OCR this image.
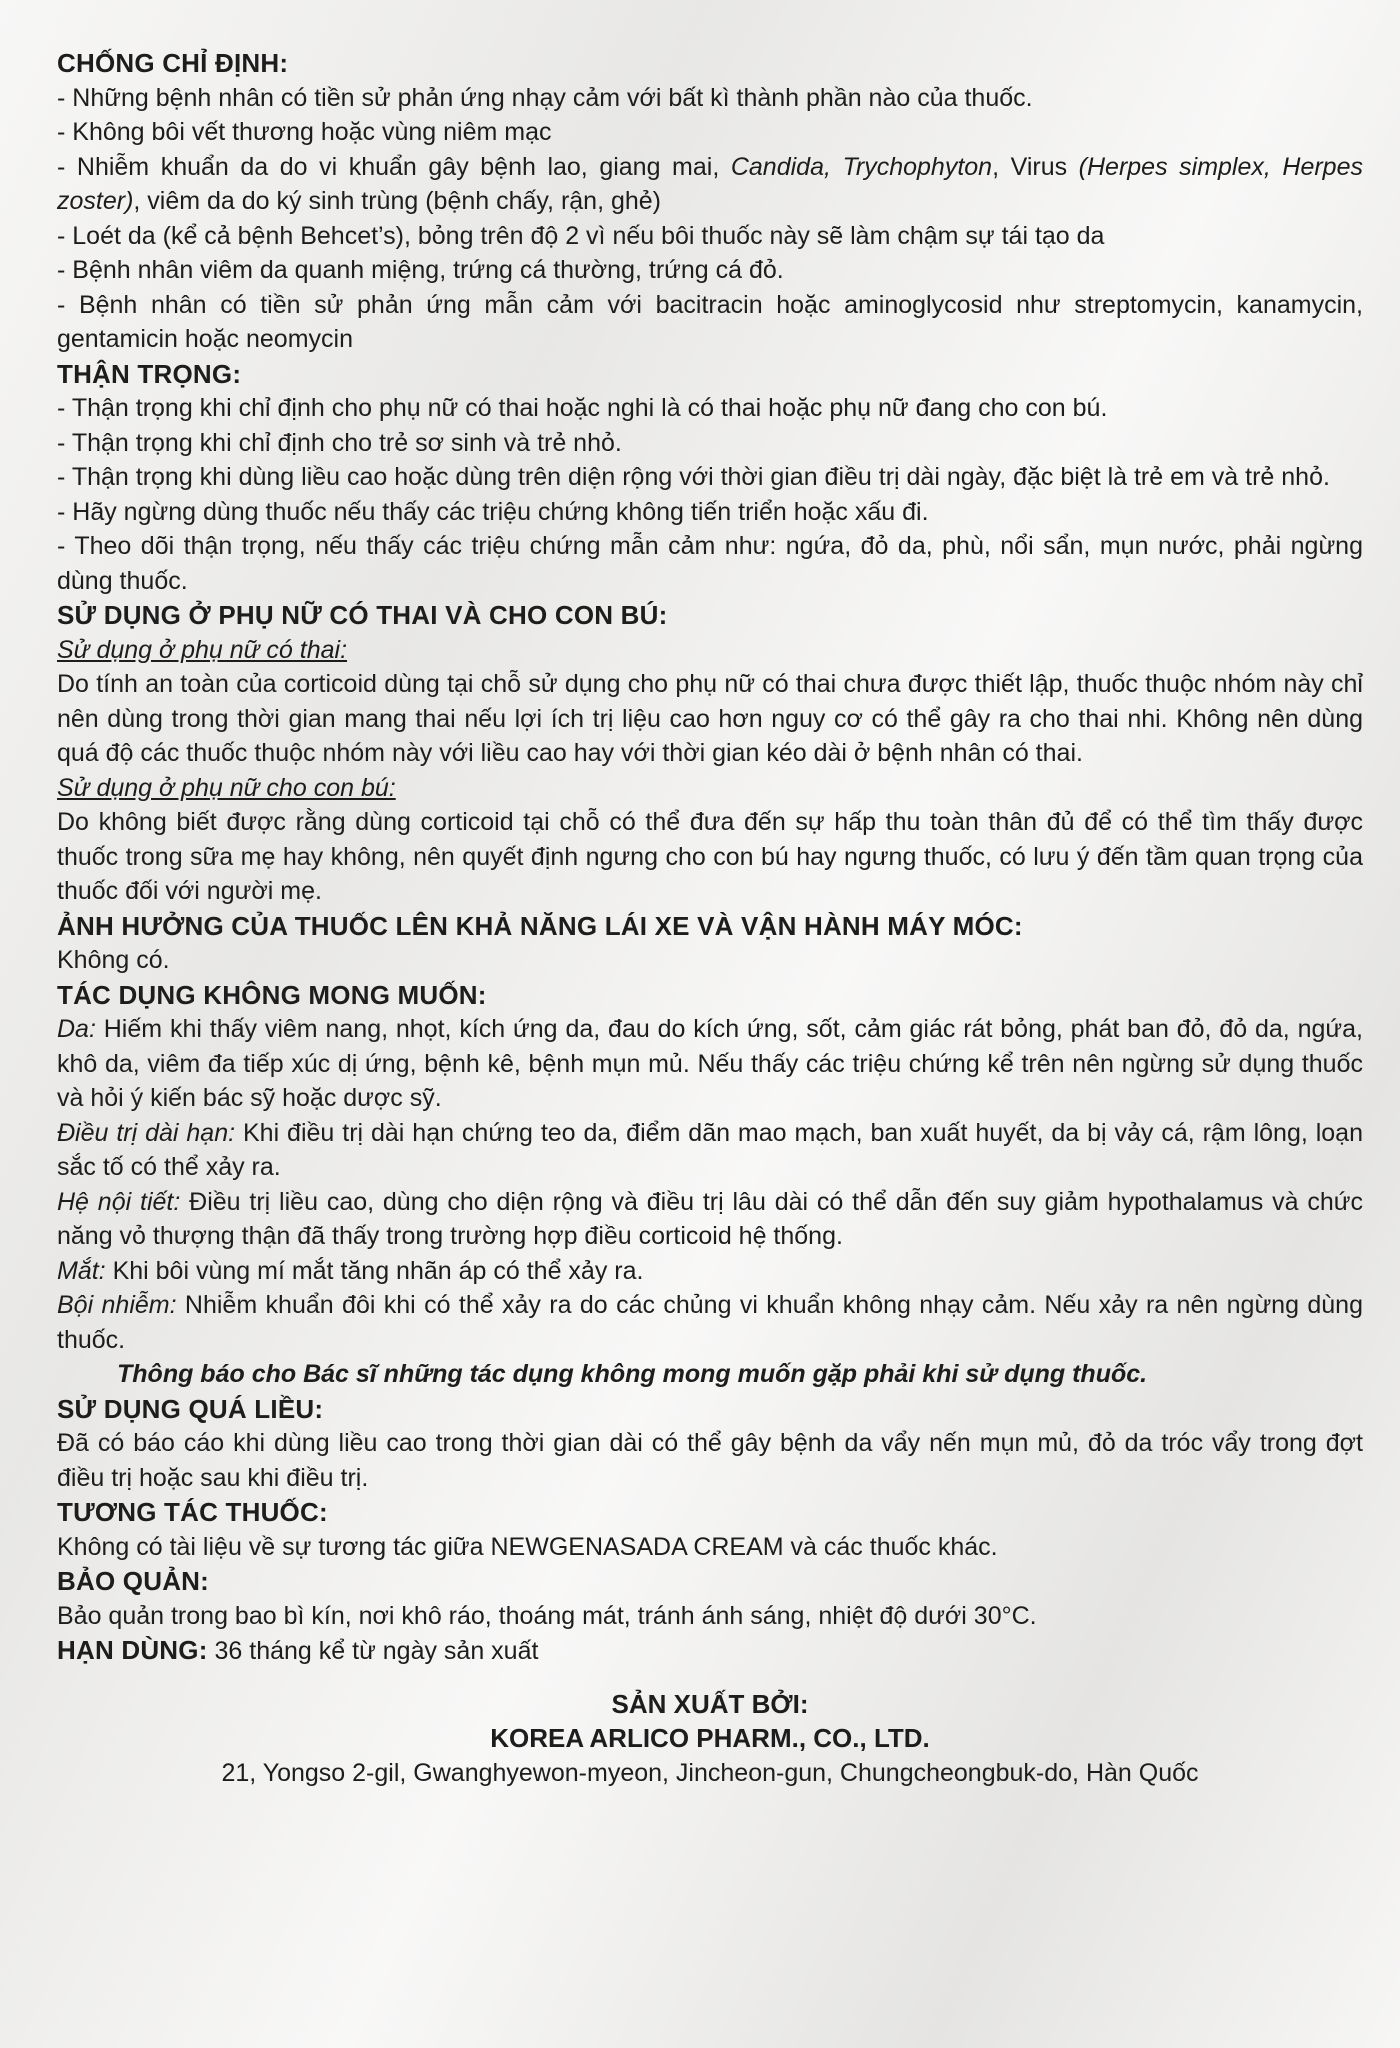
CHỐNG CHỈ ĐỊNH:

- Những bệnh nhân có tiền sử phản ứng nhạy cảm với bất kì thành phần nào của thuốc.

- Không bôi vết thương hoặc vùng niêm mạc

- Nhiễm khuẩn da do vi khuẩn gây bệnh lao, giang mai, Candida, Trychophyton, Virus (Herpes simplex, Herpes zoster), viêm da do ký sinh trùng (bệnh chấy, rận, ghẻ)

- Loét da (kể cả bệnh Behcet’s), bỏng trên độ 2 vì nếu bôi thuốc này sẽ làm chậm sự tái tạo da

- Bệnh nhân viêm da quanh miệng, trứng cá thường, trứng cá đỏ.

- Bệnh nhân có tiền sử phản ứng mẫn cảm với bacitracin hoặc aminoglycosid như streptomycin, kanamycin, gentamicin hoặc neomycin

THẬN TRỌNG:

- Thận trọng khi chỉ định cho phụ nữ có thai hoặc nghi là có thai hoặc phụ nữ đang cho con bú.

- Thận trọng khi chỉ định cho trẻ sơ sinh và trẻ nhỏ.

- Thận trọng khi dùng liều cao hoặc dùng trên diện rộng với thời gian điều trị dài ngày, đặc biệt là trẻ em và trẻ nhỏ.

- Hãy ngừng dùng thuốc nếu thấy các triệu chứng không tiến triển hoặc xấu đi.

- Theo dõi thận trọng, nếu thấy các triệu chứng mẫn cảm như: ngứa, đỏ da, phù, nổi sẩn, mụn nước, phải ngừng dùng thuốc.

SỬ DỤNG Ở PHỤ NỮ CÓ THAI VÀ CHO CON BÚ:

Sử dụng ở phụ nữ có thai:

Do tính an toàn của corticoid dùng tại chỗ sử dụng cho phụ nữ có thai chưa được thiết lập, thuốc thuộc nhóm này chỉ nên dùng trong thời gian mang thai nếu lợi ích trị liệu cao hơn nguy cơ có thể gây ra cho thai nhi. Không nên dùng quá độ các thuốc thuộc nhóm này với liều cao hay với thời gian kéo dài ở bệnh nhân có thai.

Sử dụng ở phụ nữ cho con bú:

Do không biết được rằng dùng corticoid tại chỗ có thể đưa đến sự hấp thu toàn thân đủ để có thể tìm thấy được thuốc trong sữa mẹ hay không, nên quyết định ngưng cho con bú hay ngưng thuốc, có lưu ý đến tầm quan trọng của thuốc đối với người mẹ.

ẢNH HƯỞNG CỦA THUỐC LÊN KHẢ NĂNG LÁI XE VÀ VẬN HÀNH MÁY MÓC:

Không có.

TÁC DỤNG KHÔNG MONG MUỐN:

Da: Hiếm khi thấy viêm nang, nhọt, kích ứng da, đau do kích ứng, sốt, cảm giác rát bỏng, phát ban đỏ, đỏ da, ngứa, khô da, viêm đa tiếp xúc dị ứng, bệnh kê, bệnh mụn mủ. Nếu thấy các triệu chứng kể trên nên ngừng sử dụng thuốc và hỏi ý kiến bác sỹ hoặc dược sỹ.

Điều trị dài hạn: Khi điều trị dài hạn chứng teo da, điểm dãn mao mạch, ban xuất huyết, da bị vảy cá, rậm lông, loạn sắc tố có thể xảy ra.

Hệ nội tiết: Điều trị liều cao, dùng cho diện rộng và điều trị lâu dài có thể dẫn đến suy giảm hypothalamus và chức năng vỏ thượng thận đã thấy trong trường hợp điều corticoid hệ thống.

Mắt: Khi bôi vùng mí mắt tăng nhãn áp có thể xảy ra.

Bội nhiễm: Nhiễm khuẩn đôi khi có thể xảy ra do các chủng vi khuẩn không nhạy cảm. Nếu xảy ra nên ngừng dùng thuốc.

Thông báo cho Bác sĩ những tác dụng không mong muốn gặp phải khi sử dụng thuốc.

SỬ DỤNG QUÁ LIỀU:

Đã có báo cáo khi dùng liều cao trong thời gian dài có thể gây bệnh da vẩy nến mụn mủ, đỏ da tróc vẩy trong đợt điều trị hoặc sau khi điều trị.

TƯƠNG TÁC THUỐC:

Không có tài liệu về sự tương tác giữa NEWGENASADA CREAM và các thuốc khác.

BẢO QUẢN:

Bảo quản trong bao bì kín, nơi khô ráo, thoáng mát, tránh ánh sáng, nhiệt độ dưới 30°C.

HẠN DÙNG: 36 tháng kể từ ngày sản xuất

SẢN XUẤT BỞI:

KOREA ARLICO PHARM., CO., LTD.

21, Yongso 2-gil, Gwanghyewon-myeon, Jincheon-gun, Chungcheongbuk-do, Hàn Quốc
